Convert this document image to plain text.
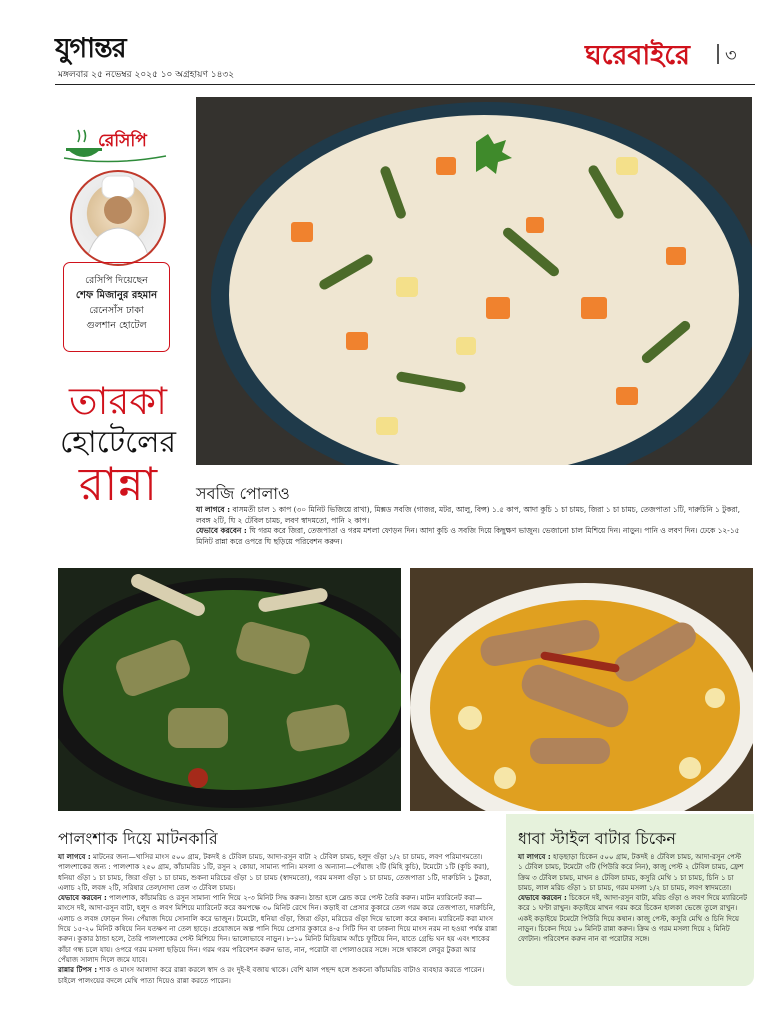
যুগান্তর
মঙ্গলবার ২৫ নভেম্বর ২০২৫ ১০ অগ্রহায়ণ ১৪৩২
ঘরেবাইরে ৩
রেসিপি
রেসিপি দিয়েছেন
শেফ মিজানুর রহমান
রেনেসাঁস ঢাকা
গুলশান হোটেল
তারকা
হোটেলের
রান্না	সবজি পোলাও

যা লাগবে : বাসমতী চাল ১ কাপ (৩০ মিনিট ভিজিয়ে রাখা), মিক্সড সবজি (গাজর, মটর, আলু, বিন্স) ১.৫ কাপ, আদা কুচি ১ চা চামচ, জিরা ১ চা চামচ, তেজপাতা ১টি, দারুচিনি ১ টুকরা, লবঙ্গ ২টি, ঘি ২ টেবিল চামচ, লবণ স্বাদমতো, পানি ২ কাপ।

যেভাবে করবেন : ঘি গরম করে জিরা, তেজপাতা ও গরম মশলা ফোড়ন দিন। আদা কুচি ও সবজি দিয়ে কিছুক্ষণ ভাজুন। ভেজানো চাল মিশিয়ে দিন। নাড়ুন। পানি ও লবণ দিন। ঢেকে ১২-১৫ মিনিট রান্না করে ওপরে ঘি ছড়িয়ে পরিবেশন করুন।

পালংশাক দিয়ে মাটনকারি

যা লাগবে : মাটনের জন্য—খাসির মাংস ৫০০ গ্রাম, টকদই ৪ টেবিল চামচ, আদা-রসুন বাটা ২ টেবিল চামচ, হলুদ গুঁড়া ১/২ চা চামচ, লবণ পরিমাণমতো। পালংশাকের জন্য : পালংশাক ২৫০ গ্রাম, কাঁচামরিচ ১টি, রসুন ২ কোয়া, সামান্য পানি। মসলা ও অন্যান্য—পেঁয়াজ ২টি (মিহি কুচি), টমেটো ১টি (কুচি করা), ধনিয়া গুঁড়া ১ চা চামচ, জিরা গুঁড়া ১ চা চামচ, শুকনা মরিচের গুঁড়া ১ চা চামচ (স্বাদমতো), গরম মসলা গুঁড়া ১ চা চামচ, তেজপাতা ১টি, দারুচিনি ১ টুকরা, এলাচ ২টি, লবঙ্গ ২টি, সরিষার তেল/সাদা তেল ৩ টেবিল চামচ।

যেভাবে করবেন : পালংশাক, কাঁচামরিচ ও রসুন সামান্য পানি দিয়ে ২-৩ মিনিট সিদ্ধ করুন। ঠান্ডা হলে ব্লেন্ড করে পেস্ট তৈরি করুন। মাটন ম্যারিনেট করা—মাংসে দই, আদা-রসুন বাটা, হলুদ ও লবণ মিশিয়ে ম্যারিনেট করে কমপক্ষে ৩০ মিনিট রেখে দিন। কড়াই বা প্রেসার কুকারে তেল গরম করে তেজপাতা, দারুচিনি, এলাচ ও লবঙ্গ ফোড়ন দিন। পেঁয়াজ দিয়ে সোনালি করে ভাজুন। টমেটো, ধনিয়া গুঁড়া, জিরা গুঁড়া, মরিচের গুঁড়া দিয়ে ভালো করে কষান। ম্যারিনেট করা মাংস দিয়ে ১৫-২০ মিনিট কষিয়ে নিন যতক্ষণ না তেল ছাড়ে। প্রয়োজনে অল্প পানি দিয়ে প্রেসার কুকারে ৪-৫ সিটি দিন বা ঢাকনা দিয়ে মাংস নরম না হওয়া পর্যন্ত রান্না করুন। কুকার ঠান্ডা হলে, তৈরি পালংশাকের পেস্ট মিশিয়ে দিন। ভালোভাবে নাড়ুন। ৮-১০ মিনিট মিডিয়াম আঁচে ফুটিয়ে নিন, যাতে গ্রেভি ঘন হয় এবং শাকের কাঁচা গন্ধ চলে যায়। ওপরে গরম মসলা ছড়িয়ে দিন। গরম গরম পরিবেশন করুন ভাত, নান, পরোটা বা পোলাওয়ের সঙ্গে। সঙ্গে থাকলে লেবুর টুকরা আর পেঁয়াজ সালাদ দিলে জমে যাবে।

রান্নার টিপস : শাক ও মাংস আলাদা করে রান্না করলে স্বাদ ও রং দুই-ই বজায় থাকে। বেশি ঝাল পছন্দ হলে শুকনো কাঁচামরিচ বাটাও ব্যবহার করতে পারেন। চাইলে পালংয়ের বদলে মেথি পাতা দিয়েও রান্না করতে পারেন।

ধাবা স্টাইল বাটার চিকেন

যা লাগবে : হাড়ছাড়া চিকেন ৫০০ গ্রাম, টকদই ৪ টেবিল চামচ, আদা-রসুন পেস্ট ১ টেবিল চামচ, টমেটো ৩টি (পিউরি করে নিন), কাজু পেস্ট ২ টেবিল চামচ, ফ্রেশ ক্রিম ৩ টেবিল চামচ, মাখন ৪ টেবিল চামচ, কসুরি মেথি ১ চা চামচ, চিনি ১ চা চামচ, লাল মরিচ গুঁড়া ১ চা চামচ, গরম মসলা ১/২ চা চামচ, লবণ স্বাদমতো।

যেভাবে করবেন : চিকেনে দই, আদা-রসুন বাটা, মরিচ গুঁড়া ও লবণ দিয়ে ম্যারিনেট করে ১ ঘণ্টা রাখুন। কড়াইয়ে মাখন গরম করে চিকেন হালকা ভেজে তুলে রাখুন। একই কড়াইয়ে টমেটো পিউরি দিয়ে কষান। কাজু পেস্ট, কসুরি মেথি ও চিনি দিয়ে নাড়ুন। চিকেন দিয়ে ১০ মিনিট রান্না করুন। ক্রিম ও গরম মসলা দিয়ে ২ মিনিট ফোটান। পরিবেশন করুন নান বা পরোটার সঙ্গে।
